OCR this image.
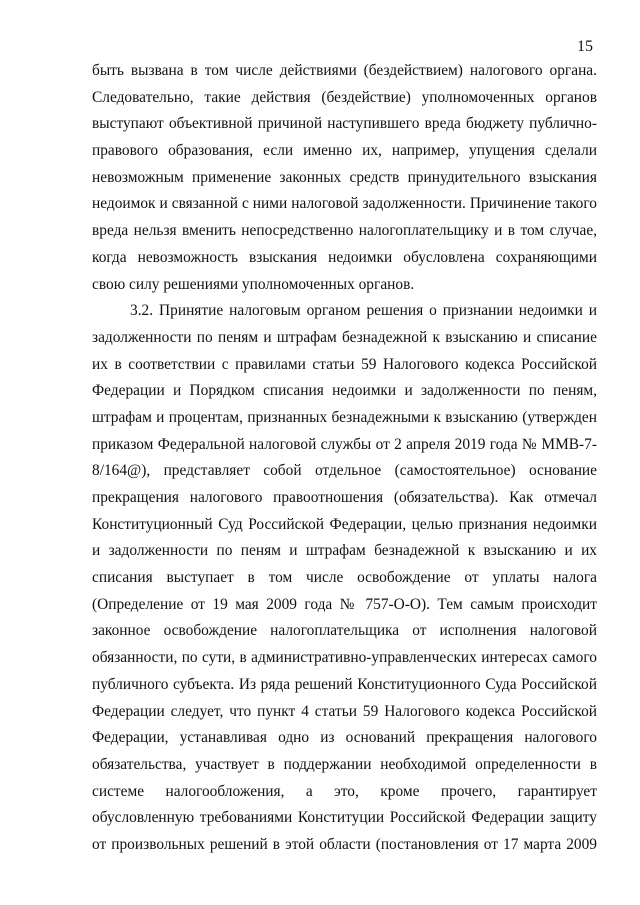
15
быть вызвана в том числе действиями (бездействием) налогового органа.
Следовательно, такие действия (бездействие) уполномоченных органов
выступают объективной причиной наступившего вреда бюджету публично-
правового образования, если именно их, например, упущения сделали
невозможным применение законных средств принудительного взыскания
недоимок и связанной с ними налоговой задолженности. Причинение такого
вреда нельзя вменить непосредственно налогоплательщику и в том случае,
когда невозможность взыскания недоимки обусловлена сохраняющими
свою силу решениями уполномоченных органов.
3.2. Принятие налоговым органом решения о признании недоимки и
задолженности по пеням и штрафам безнадежной к взысканию и списание
их в соответствии с правилами статьи 59 Налогового кодекса Российской
Федерации и Порядком списания недоимки и задолженности по пеням,
штрафам и процентам, признанных безнадежными к взысканию (утвержден
приказом Федеральной налоговой службы от 2 апреля 2019 года № ММВ-7-
8/164@), представляет собой отдельное (самостоятельное) основание
прекращения налогового правоотношения (обязательства). Как отмечал
Конституционный Суд Российской Федерации, целью признания недоимки
и задолженности по пеням и штрафам безнадежной к взысканию и их
списания выступает в том числе освобождение от уплаты налога
(Определение от 19 мая 2009 года № 757-О-О). Тем самым происходит
законное освобождение налогоплательщика от исполнения налоговой
обязанности, по сути, в административно-управленческих интересах самого
публичного субъекта. Из ряда решений Конституционного Суда Российской
Федерации следует, что пункт 4 статьи 59 Налогового кодекса Российской
Федерации, устанавливая одно из оснований прекращения налогового
обязательства, участвует в поддержании необходимой определенности в
системе налогообложения, а это, кроме прочего, гарантирует
обусловленную требованиями Конституции Российской Федерации защиту
от произвольных решений в этой области (постановления от 17 марта 2009
